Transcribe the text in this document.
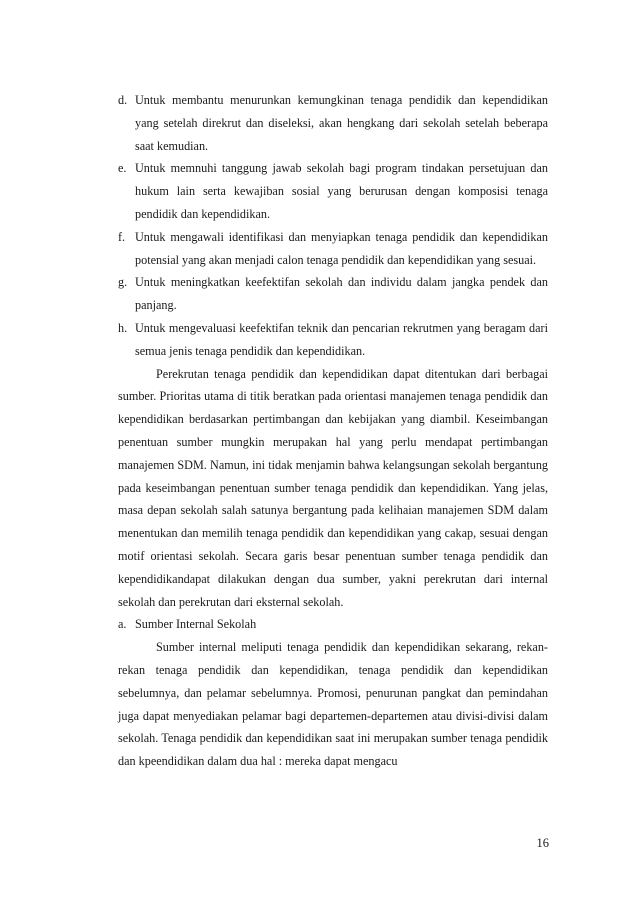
d. Untuk membantu menurunkan kemungkinan tenaga pendidik dan kependidikan yang setelah direkrut dan diseleksi, akan hengkang dari sekolah setelah beberapa saat kemudian.

e. Untuk memnuhi tanggung jawab sekolah bagi program tindakan persetujuan dan hukum lain serta kewajiban sosial yang berurusan dengan komposisi tenaga pendidik dan kependidikan.

f. Untuk mengawali identifikasi dan menyiapkan tenaga pendidik dan kependidikan potensial yang akan menjadi calon tenaga pendidik dan kependidikan yang sesuai.

g. Untuk meningkatkan keefektifan sekolah dan individu dalam jangka pendek dan panjang.

h. Untuk mengevaluasi keefektifan teknik dan pencarian rekrutmen yang beragam dari semua jenis tenaga pendidik dan kependidikan.

Perekrutan tenaga pendidik dan kependidikan dapat ditentukan dari berbagai sumber. Prioritas utama di titik beratkan pada orientasi manajemen tenaga pendidik dan kependidikan berdasarkan pertimbangan dan kebijakan yang diambil. Keseimbangan penentuan sumber mungkin merupakan hal yang perlu mendapat pertimbangan manajemen SDM. Namun, ini tidak menjamin bahwa kelangsungan sekolah bergantung pada keseimbangan penentuan sumber tenaga pendidik dan kependidikan. Yang jelas, masa depan sekolah salah satunya bergantung pada kelihaian manajemen SDM dalam menentukan dan memilih tenaga pendidik dan kependidikan yang cakap, sesuai dengan motif orientasi sekolah. Secara garis besar penentuan sumber tenaga pendidik dan kependidikandapat dilakukan dengan dua sumber, yakni perekrutan dari internal sekolah dan perekrutan dari eksternal sekolah.

a. Sumber Internal Sekolah

Sumber internal meliputi tenaga pendidik dan kependidikan sekarang, rekan-rekan tenaga pendidik dan kependidikan, tenaga pendidik dan kependidikan sebelumnya, dan pelamar sebelumnya. Promosi, penurunan pangkat dan pemindahan juga dapat menyediakan pelamar bagi departemen-departemen atau divisi-divisi dalam sekolah. Tenaga pendidik dan kependidikan saat ini merupakan sumber tenaga pendidik dan kpeendidikan dalam dua hal : mereka dapat mengacu

16
